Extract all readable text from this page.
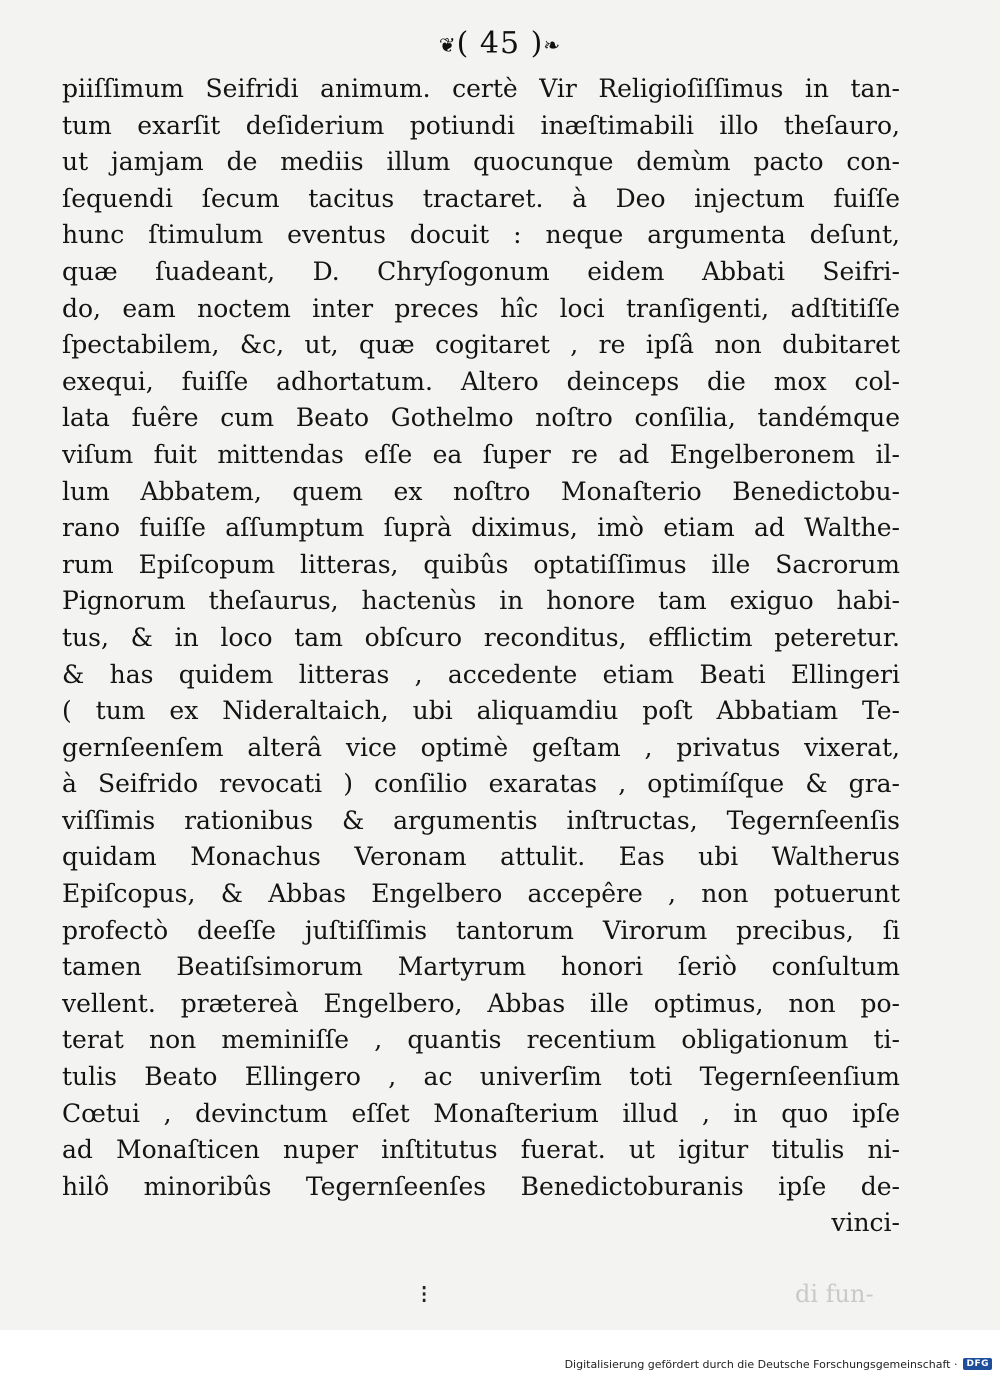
❦( 45 )❧
piiſſimum Seifridi animum. certè Vir Religioſiſſimus in tan-
tum exarſit deſiderium potiundi inæſtimabili illo theſauro,
ut jamjam de mediis illum quocunque demùm pacto con-
ſequendi ſecum tacitus tractaret. à Deo injectum fuiſſe
hunc ſtimulum eventus docuit : neque argumenta deſunt,
quæ ſuadeant, D. Chryſogonum eidem Abbati Seifri-
do, eam noctem inter preces hîc loci tranſigenti, adſtitiſſe
ſpectabilem, &c, ut, quæ cogitaret , re ipſâ non dubitaret
exequi, fuiſſe adhortatum. Altero deinceps die mox col-
lata fuêre cum Beato Gothelmo noſtro conſilia, tandémque
viſum fuit mittendas eſſe ea ſuper re ad Engelberonem il-
lum Abbatem, quem ex noſtro Monaſterio Benedictobu-
rano fuiſſe aſſumptum ſuprà diximus, imò etiam ad Walthe-
rum Epiſcopum litteras, quibûs optatiſſimus ille Sacrorum
Pignorum theſaurus, hactenùs in honore tam exiguo habi-
tus, & in loco tam obſcuro reconditus, efflictim peteretur.
& has quidem litteras , accedente etiam Beati Ellingeri
( tum ex Nideraltaich, ubi aliquamdiu poſt Abbatiam Te-
gernſeenſem alterâ vice optimè geſtam , privatus vixerat,
à Seifrido revocati ) conſilio exaratas , optimíſque & gra-
viſſimis rationibus & argumentis inſtructas, Tegernſeenſis
quidam Monachus Veronam attulit. Eas ubi Waltherus
Epiſcopus, & Abbas Engelbero accepêre , non potuerunt
profectò deeſſe juſtiſſimis tantorum Virorum precibus, ſi
tamen Beatiſsimorum Martyrum honori ſeriò conſultum
vellent. prætereà Engelbero, Abbas ille optimus, non po-
terat non meminiſſe , quantis recentium obligationum ti-
tulis Beato Ellingero , ac univerſim toti Tegernſeenſium
Cœtui , devinctum eſſet Monaſterium illud , in quo ipſe
ad Monaſticen nuper inſtitutus fuerat. ut igitur titulis ni-
hilô minoribûs Tegernſeenſes Benedictoburanis ipſe de-
vinci-
di fun-
⁝
Digitalisierung gefördert durch die Deutsche Forschungsgemeinschaft ·	DFG
